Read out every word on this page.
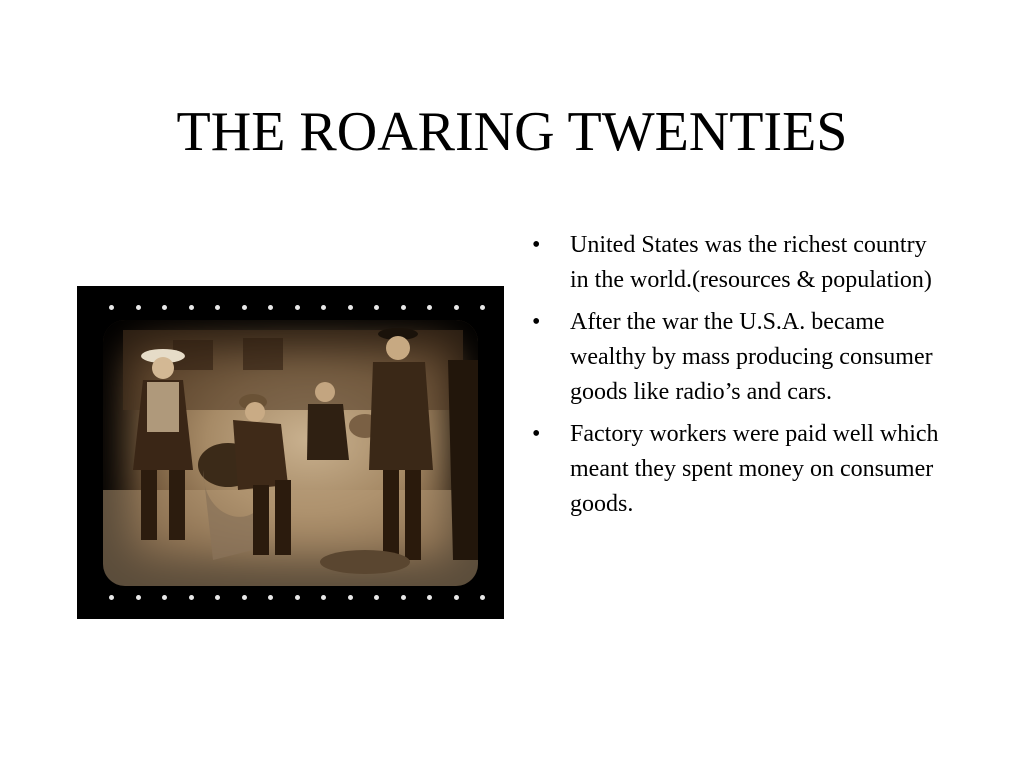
THE ROARING TWENTIES
• United States was the richest country in the world.(resources & population)
• After the war the U.S.A. became wealthy by mass producing consumer goods like radio’s and cars.
• Factory workers were paid well which meant they spent money on consumer goods.
